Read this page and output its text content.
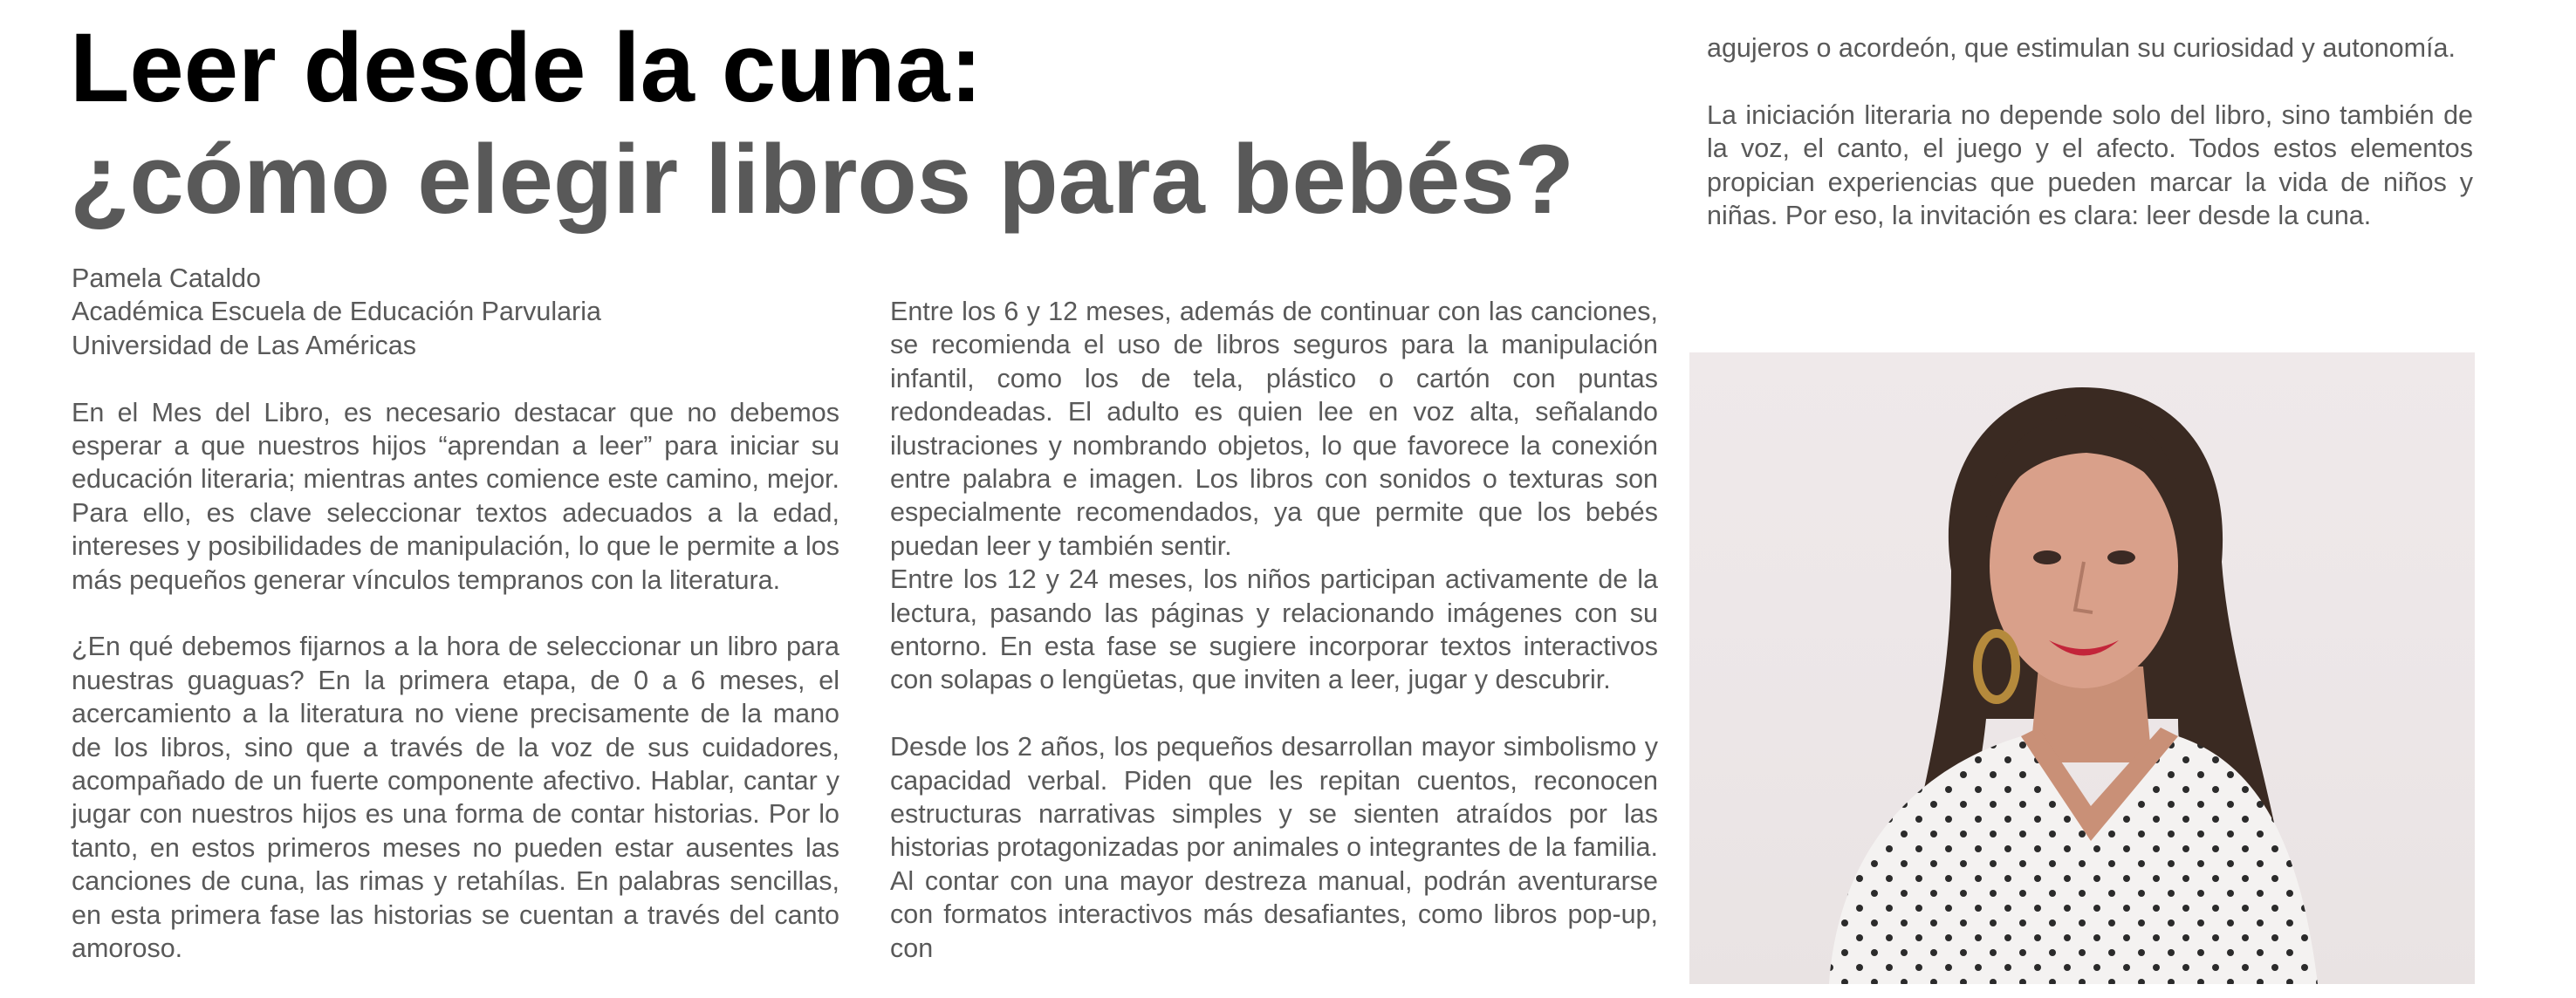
Leer desde la cuna:
¿cómo elegir libros para bebés?

Pamela Cataldo

Académica Escuela de Educación Parvularia

Universidad de Las Américas

En el Mes del Libro, es necesario destacar que no debemos esperar a que nuestros hijos “aprendan a leer” para iniciar su educación literaria; mientras antes comience este camino, mejor. Para ello, es clave seleccionar textos adecuados a la edad, intereses y posibilidades de manipulación, lo que le permite a los más pequeños generar vínculos tempranos con la literatura.

¿En qué debemos fijarnos a la hora de seleccionar un libro para nuestras guaguas? En la primera etapa, de 0 a 6 meses, el acercamiento a la literatura no viene precisamente de la mano de los libros, sino que a través de la voz de sus cuidadores, acompañado de un fuerte componente afectivo. Hablar, cantar y jugar con nuestros hijos es una forma de contar historias. Por lo tanto, en estos primeros meses no pueden estar ausentes las canciones de cuna, las rimas y retahílas. En palabras sencillas, en esta primera fase las historias se cuentan a través del canto amoroso.

Entre los 6 y 12 meses, además de continuar con las canciones, se recomienda el uso de libros seguros para la manipulación infantil, como los de tela, plástico o cartón con puntas redondeadas. El adulto es quien lee en voz alta, señalando ilustraciones y nombrando objetos, lo que favorece la conexión entre palabra e imagen. Los libros con sonidos o texturas son especialmente recomendados, ya que permite que los bebés puedan leer y también sentir.

Entre los 12 y 24 meses, los niños participan activamente de la lectura, pasando las páginas y relacionando imágenes con su entorno. En esta fase se sugiere incorporar textos interactivos con solapas o lengüetas, que inviten a leer, jugar y descubrir.

Desde los 2 años, los pequeños desarrollan mayor simbolismo y capacidad verbal. Piden que les repitan cuentos, reconocen estructuras narrativas simples y se sienten atraídos por las historias protagonizadas por animales o integrantes de la familia. Al contar con una mayor destreza manual, podrán aventurarse con formatos interactivos más desafiantes, como libros pop-up, con

agujeros o acordeón, que estimulan su curiosidad y autonomía.

La iniciación literaria no depende solo del libro, sino también de la voz, el canto, el juego y el afecto. Todos estos elementos propician experiencias que pueden marcar la vida de niños y niñas. Por eso, la invitación es clara: leer desde la cuna.
